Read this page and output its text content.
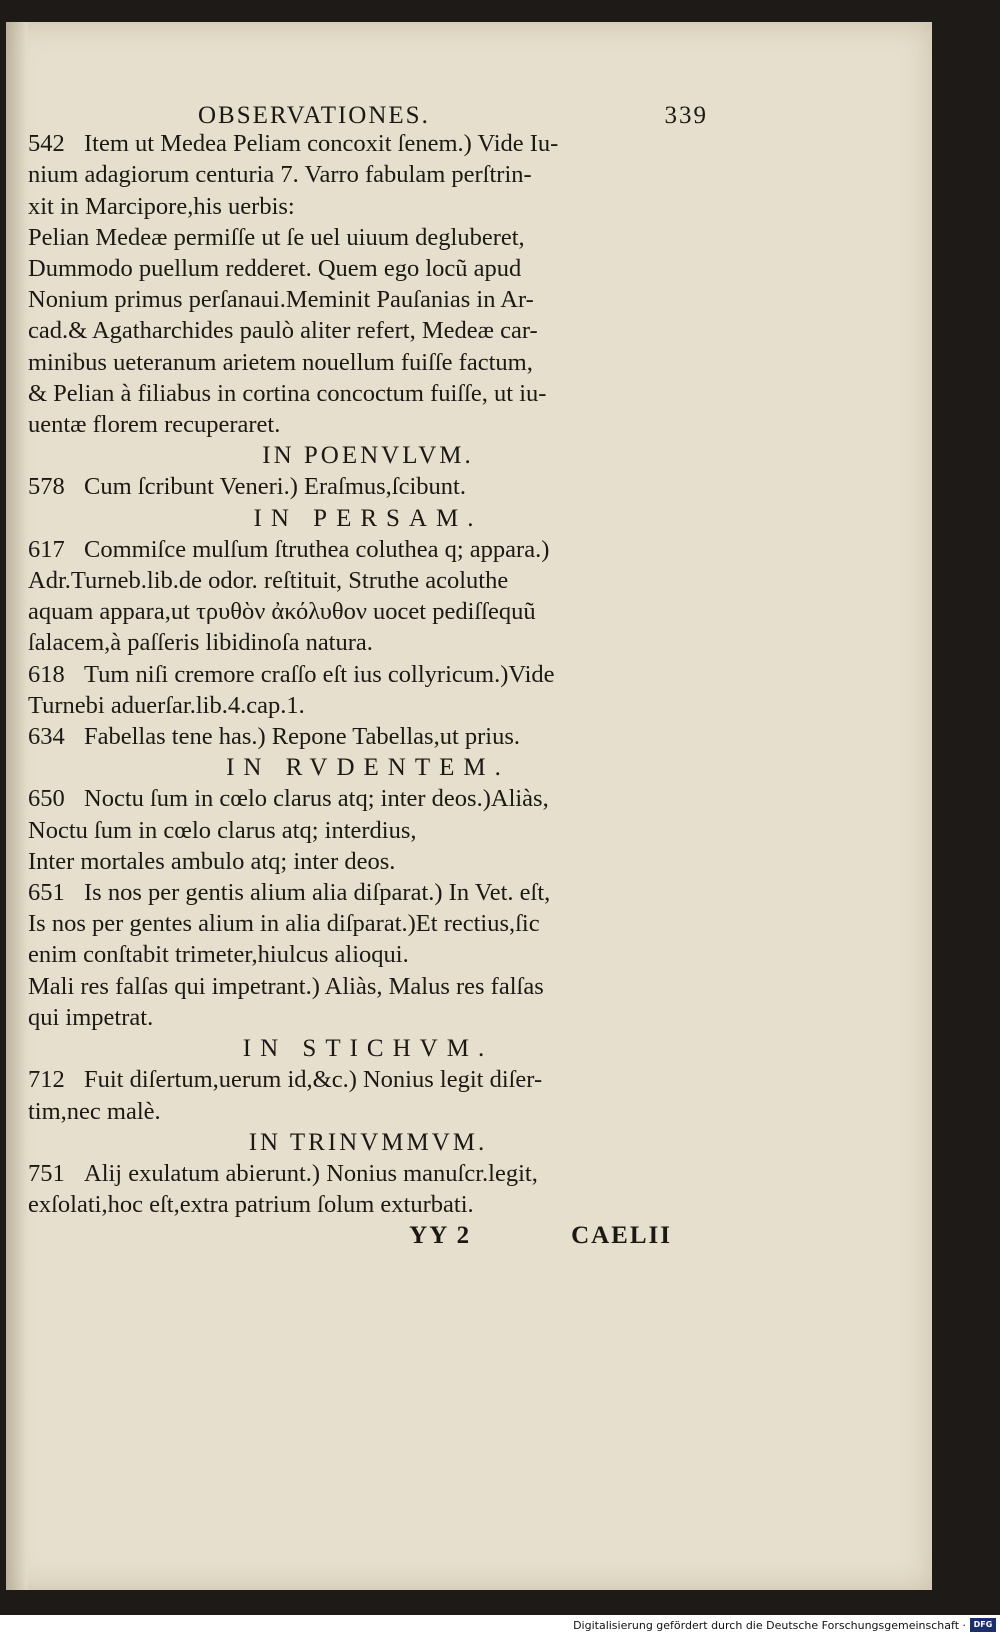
OBSERVATIONES.	339
542 Item ut Medea Peliam concoxit ſenem.) Vide Iu-
nium adagiorum centuria 7. Varro fabulam perſtrin-
xit in Marcipore,his uerbis:
Pelian Medeæ permiſſe ut ſe uel uiuum degluberet,
Dummodo puellum redderet. Quem ego locũ apud
Nonium primus perſanaui.Meminit Pauſanias in Ar-
cad.& Agatharchides paulò aliter refert, Medeæ car-
minibus ueteranum arietem nouellum fuiſſe factum,
& Pelian à filiabus in cortina concoctum fuiſſe, ut iu-
uentæ florem recuperaret.
IN POENVLVM.
578 Cum ſcribunt Veneri.) Eraſmus,ſcibunt.
IN PERSAM.
617 Commiſce mulſum ſtruthea coluthea q; appara.)
Adr.Turneb.lib.de odor. reſtituit, Struthe acoluthe
aquam appara,ut τρυθὸν ἀκόλυθον uocet pediſſequũ
ſalacem,à paſſeris libidinoſa natura.
618 Tum niſi cremore craſſo eſt ius collyricum.)Vide
Turnebi aduerſar.lib.4.cap.1.
634 Fabellas tene has.) Repone Tabellas,ut prius.
IN RVDENTEM.
650 Noctu ſum in cœlo clarus atq; inter deos.)Aliàs,
Noctu ſum in cœlo clarus atq; interdius,
Inter mortales ambulo atq; inter deos.
651 Is nos per gentis alium alia diſparat.) In Vet. eſt,
Is nos per gentes alium in alia diſparat.)Et rectius,ſic
enim conſtabit trimeter,hiulcus alioqui.
Mali res falſas qui impetrant.) Aliàs, Malus res falſas
qui impetrat.
IN STICHVM.
712 Fuit diſertum,uerum id,&c.) Nonius legit diſer-
tim,nec malè.
IN TRINVMMVM.
751 Alij exulatum abierunt.) Nonius manuſcr.legit,
exſolati,hoc eſt,extra patrium ſolum exturbati.
YY 2	CAELII
Digitalisierung gefördert durch die Deutsche Forschungsgemeinschaft · DFG
